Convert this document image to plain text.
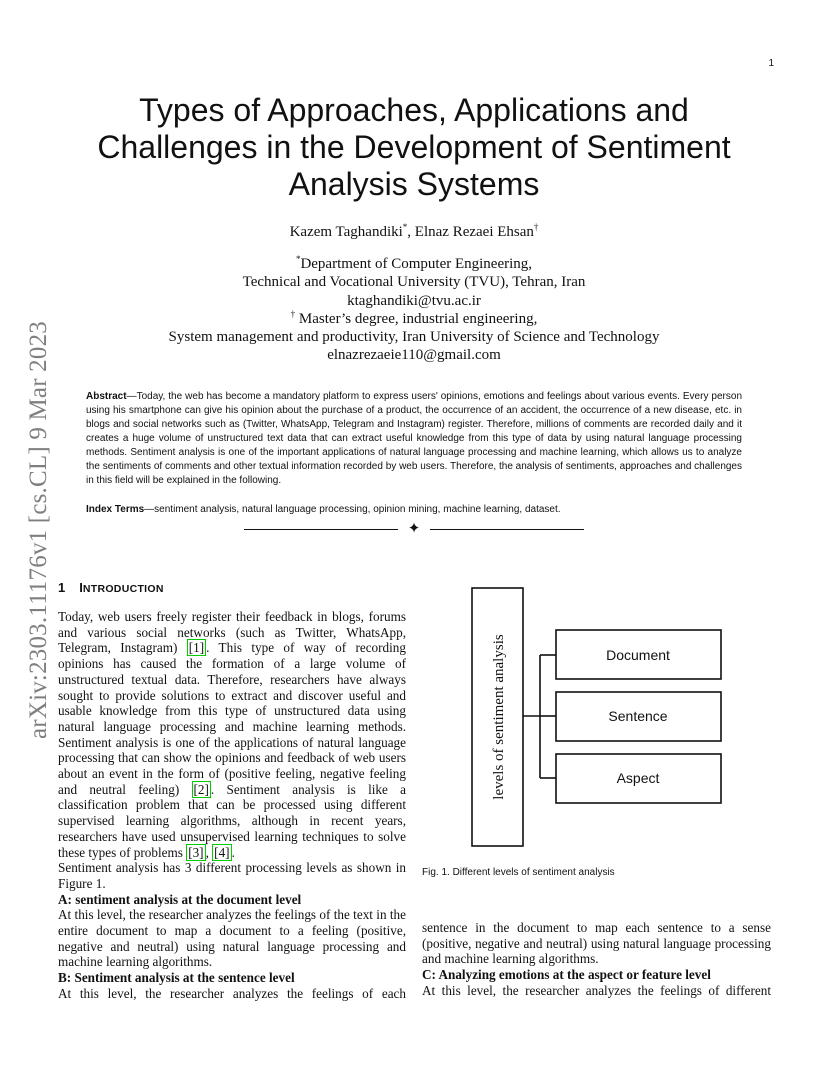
1
arXiv:2303.11176v1 [cs.CL] 9 Mar 2023
Types of Approaches, Applications and
Challenges in the Development of Sentiment
Analysis Systems
Kazem Taghandiki*, Elnaz Rezaei Ehsan†
*Department of Computer Engineering,
Technical and Vocational University (TVU), Tehran, Iran
ktaghandiki@tvu.ac.ir
† Master’s degree, industrial engineering,
System management and productivity, Iran University of Science and Technology
elnazrezaeie110@gmail.com
Abstract—Today, the web has become a mandatory platform to express users' opinions, emotions and feelings about various events. Every person using his smartphone can give his opinion about the purchase of a product, the occurrence of an accident, the occurrence of a new disease, etc. in blogs and social networks such as (Twitter, WhatsApp, Telegram and Instagram) register. Therefore, millions of comments are recorded daily and it creates a huge volume of unstructured text data that can extract useful knowledge from this type of data by using natural language processing methods. Sentiment analysis is one of the important applications of natural language processing and machine learning, which allows us to analyze the sentiments of comments and other textual information recorded by web users. Therefore, the analysis of sentiments, approaches and challenges in this field will be explained in the following.
Index Terms—sentiment analysis, natural language processing, opinion mining, machine learning, dataset.
✦
1 INTRODUCTION
Today, web users freely register their feedback in blogs, forums and various social networks (such as Twitter, WhatsApp, Telegram, Instagram) [1] . This type of way of recording opinions has caused the formation of a large volume of unstructured textual data. Therefore, researchers have always sought to provide solutions to extract and discover useful and usable knowledge from this type of unstructured data using natural language processing and machine learning methods. Sentiment analysis is one of the applications of natural language processing that can show the opinions and feedback of web users about an event in the form of (positive feeling, negative feeling and neutral feeling) [2] . Sentiment analysis is like a classification problem that can be processed using different supervised learning algorithms, although in recent years, researchers have used unsupervised learning techniques to solve these types of problems [3] , [4] .
Sentiment analysis has 3 different processing levels as shown in Figure 1.
A: sentiment analysis at the document level
At this level, the researcher analyzes the feelings of the text in the entire document to map a document to a feeling (positive, negative and neutral) using natural language processing and machine learning algorithms.
B: Sentiment analysis at the sentence level
At this level, the researcher analyzes the feelings of each
levels of sentiment analysis	Document
Sentence
Aspect
Fig. 1. Different levels of sentiment analysis
sentence in the document to map each sentence to a sense (positive, negative and neutral) using natural language processing and machine learning algorithms.
C: Analyzing emotions at the aspect or feature level
At this level, the researcher analyzes the feelings of different
